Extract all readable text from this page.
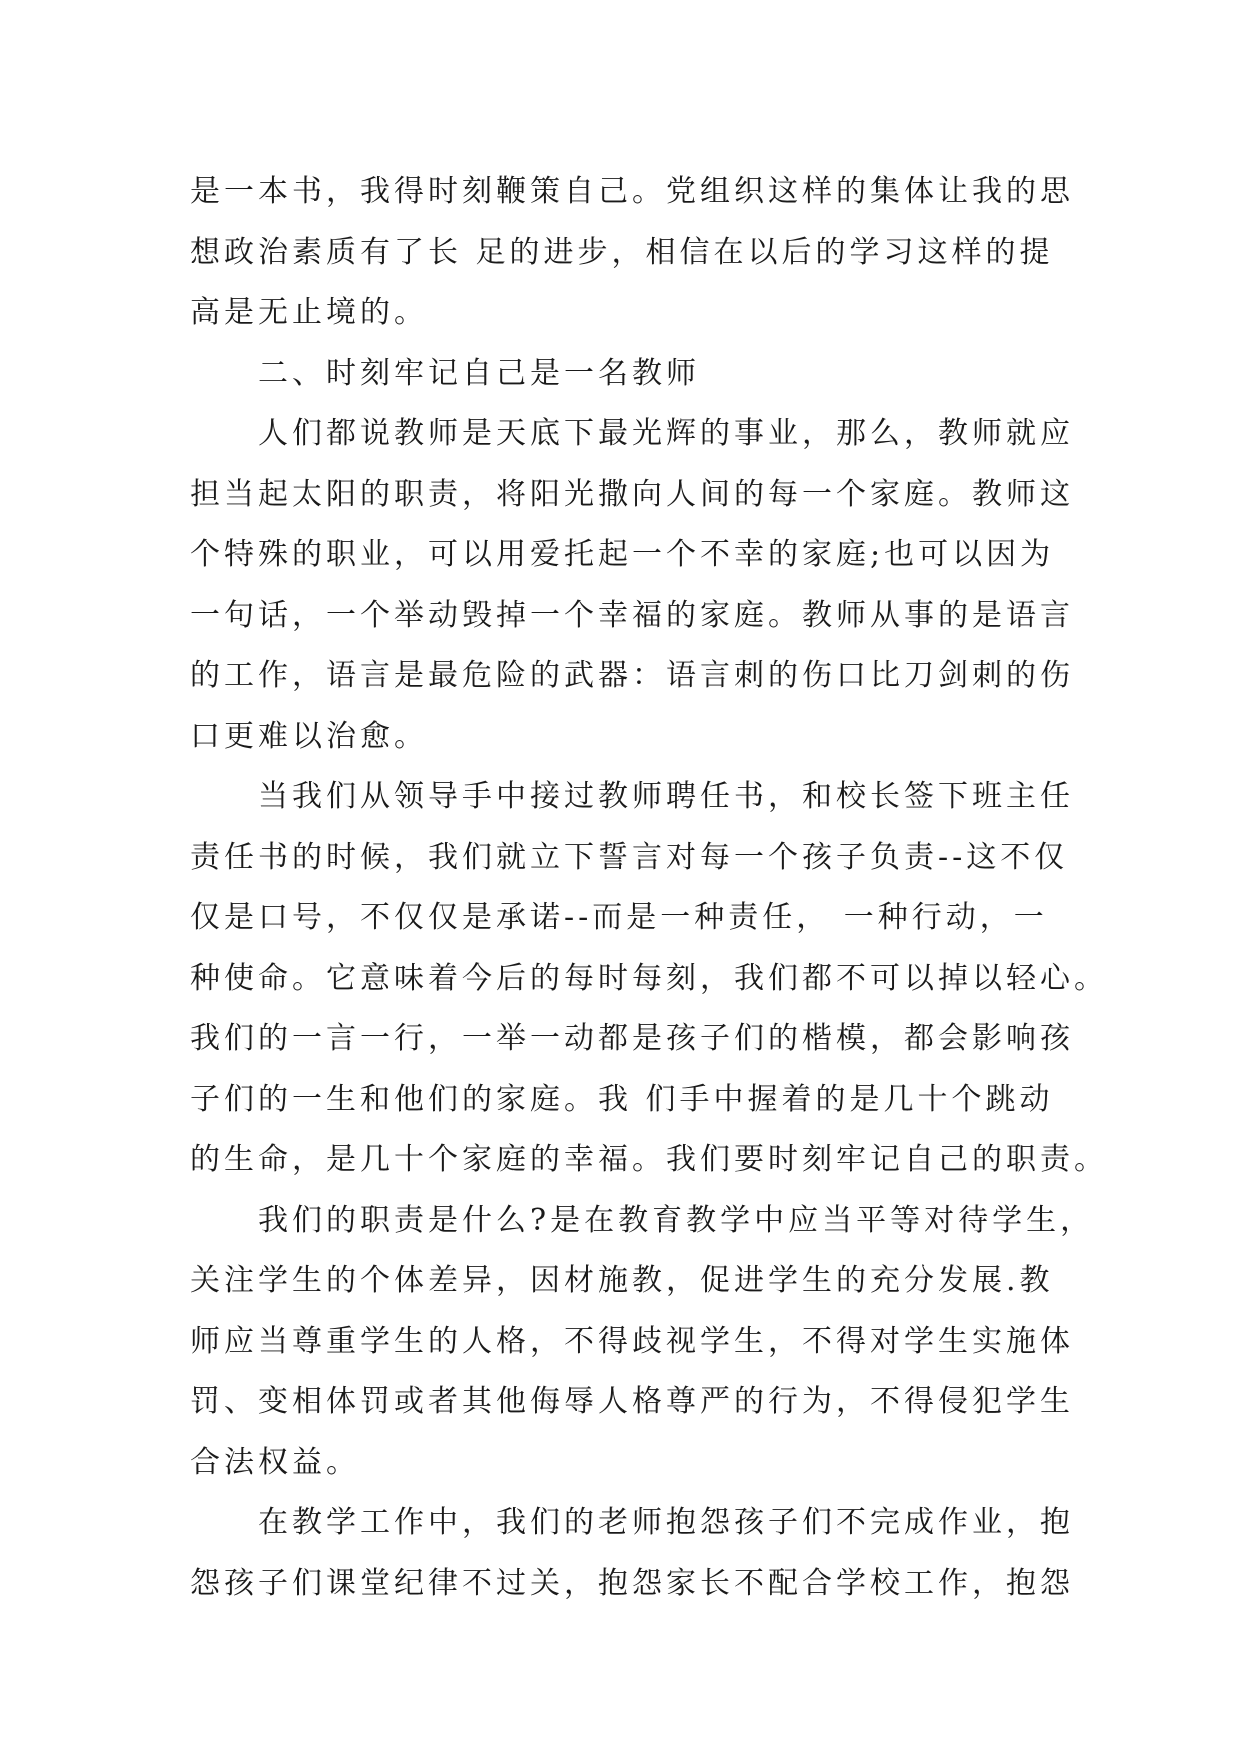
是一本书，我得时刻鞭策自己。党组织这样的集体让我的思
想政治素质有了长 足的进步，相信在以后的学习这样的提
高是无止境的。
二、时刻牢记自己是一名教师
人们都说教师是天底下最光辉的事业，那么，教师就应
担当起太阳的职责，将阳光撒向人间的每一个家庭。教师这
个特殊的职业，可以用爱托起一个不幸的家庭;也可以因为
一句话，一个举动毁掉一个幸福的家庭。教师从事的是语言
的工作，语言是最危险的武器：语言刺的伤口比刀剑刺的伤
口更难以治愈。
当我们从领导手中接过教师聘任书，和校长签下班主任
责任书的时候，我们就立下誓言对每一个孩子负责--这不仅
仅是口号，不仅仅是承诺--而是一种责任， 一种行动，一
种使命。它意味着今后的每时每刻，我们都不可以掉以轻心。
我们的一言一行，一举一动都是孩子们的楷模，都会影响孩
子们的一生和他们的家庭。我 们手中握着的是几十个跳动
的生命，是几十个家庭的幸福。我们要时刻牢记自己的职责。
我们的职责是什么?是在教育教学中应当平等对待学生，
关注学生的个体差异，因材施教，促进学生的充分发展.教
师应当尊重学生的人格，不得歧视学生，不得对学生实施体
罚、变相体罚或者其他侮辱人格尊严的行为，不得侵犯学生
合法权益。
在教学工作中，我们的老师抱怨孩子们不完成作业，抱
怨孩子们课堂纪律不过关，抱怨家长不配合学校工作，抱怨
